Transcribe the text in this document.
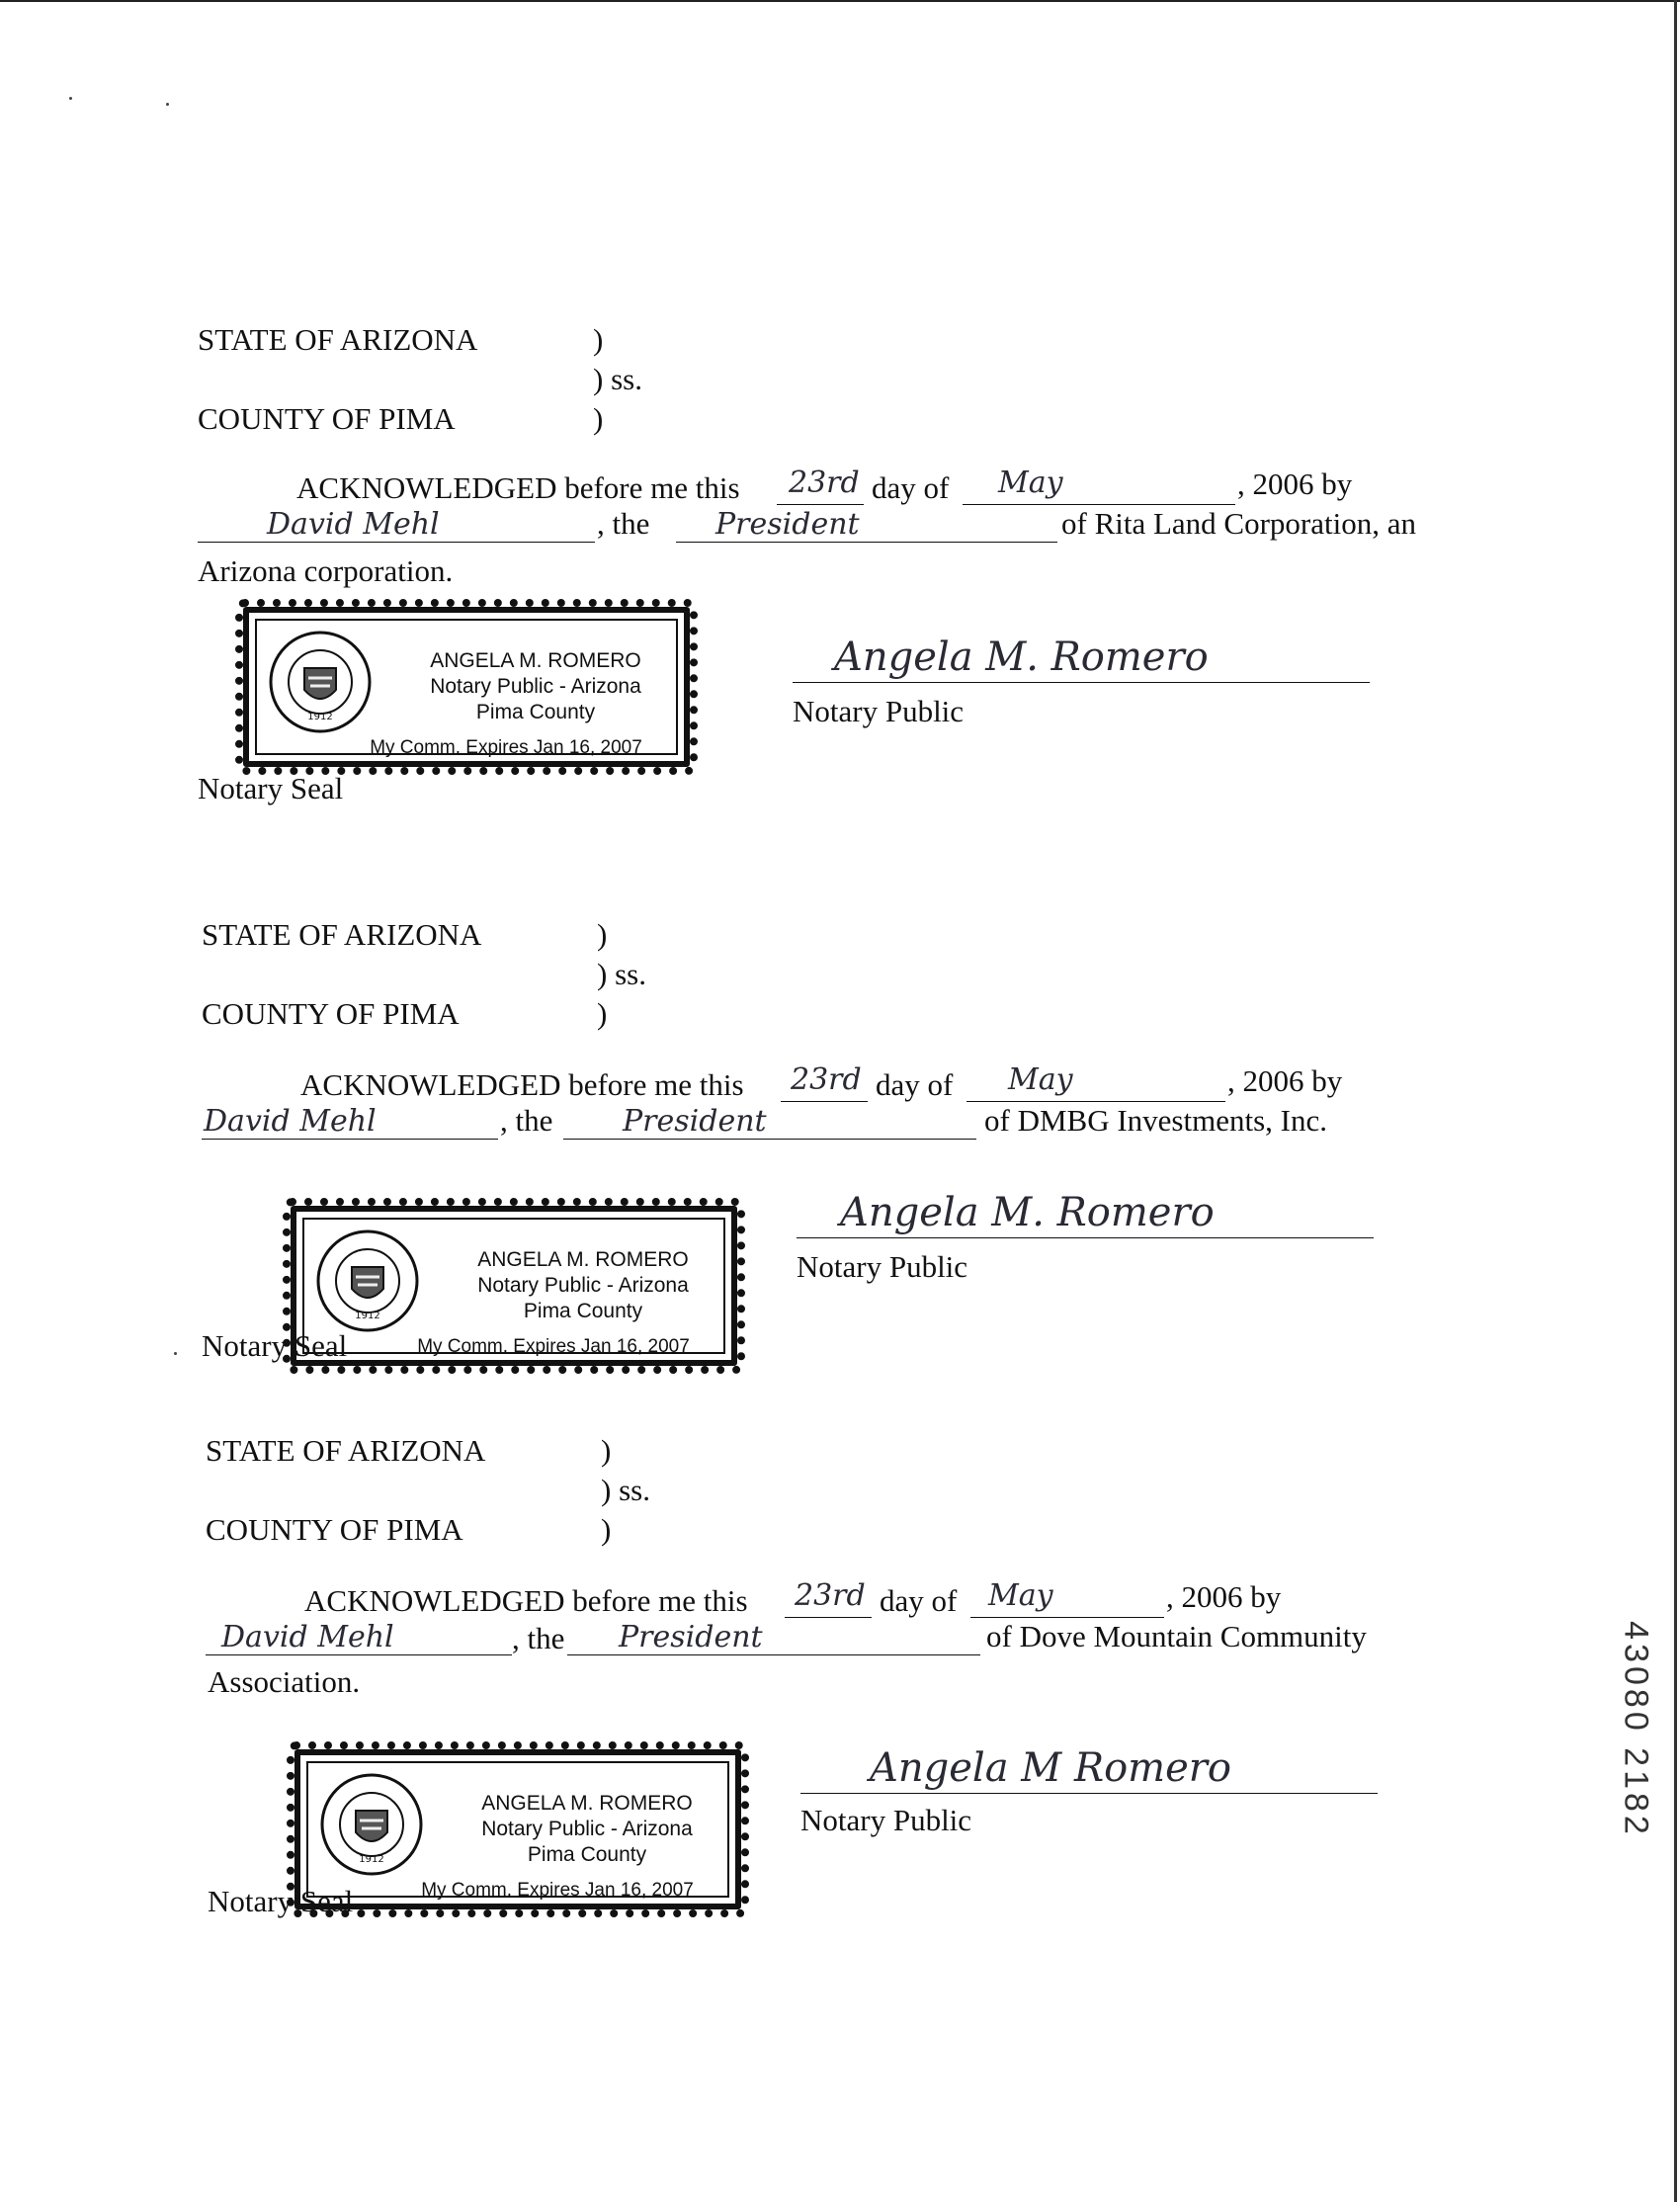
STATE OF ARIZONA	)
) ss.
COUNTY OF PIMA	)
ACKNOWLEDGED before me this 23rd day of May	, 2006 by
David Mehl	, the President	of Rita Land Corporation, an
Arizona corporation.
1912
ANGELA M. ROMERO
Notary Public - Arizona
Pima County
My Comm. Expires Jan 16, 2007
Notary Seal
Angela M. Romero
Notary Public
STATE OF ARIZONA	)
) ss.
COUNTY OF PIMA	)
ACKNOWLEDGED before me this 23rd day of May	, 2006 by
David Mehl	, the President	of DMBG Investments, Inc.
1912
ANGELA M. ROMERO
Notary Public - Arizona
Pima County
My Comm. Expires Jan 16, 2007
Notary Seal
Angela M. Romero
Notary Public
STATE OF ARIZONA	)
) ss.
COUNTY OF PIMA	)
ACKNOWLEDGED before me this 23rd day of May	, 2006 by
David Mehl	, the President	of Dove Mountain Community
Association.
1912
ANGELA M. ROMERO
Notary Public - Arizona
Pima County
My Comm. Expires Jan 16, 2007
Notary Seal
Angela M Romero
Notary Public	43080 2182
